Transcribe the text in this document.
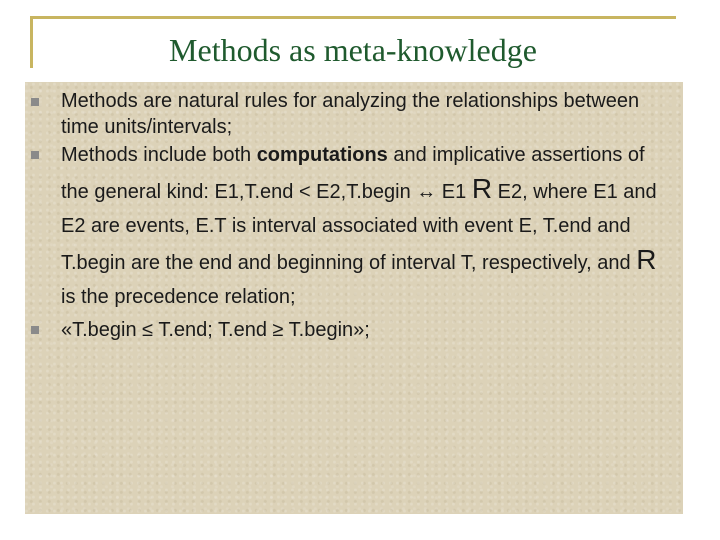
Methods as meta-knowledge
Methods are natural rules for analyzing the relationships between time units/intervals;
Methods include both computations and implicative assertions of the general kind: E1,T.end < E2,T.begin ↔ E1 R E2, where E1 and E2 are events, E.T is interval associated with event E, T.end and T.begin are the end and beginning of interval T, respectively, and R is the precedence relation;
«T.begin ≤ T.end; T.end ≥ T.begin»;
